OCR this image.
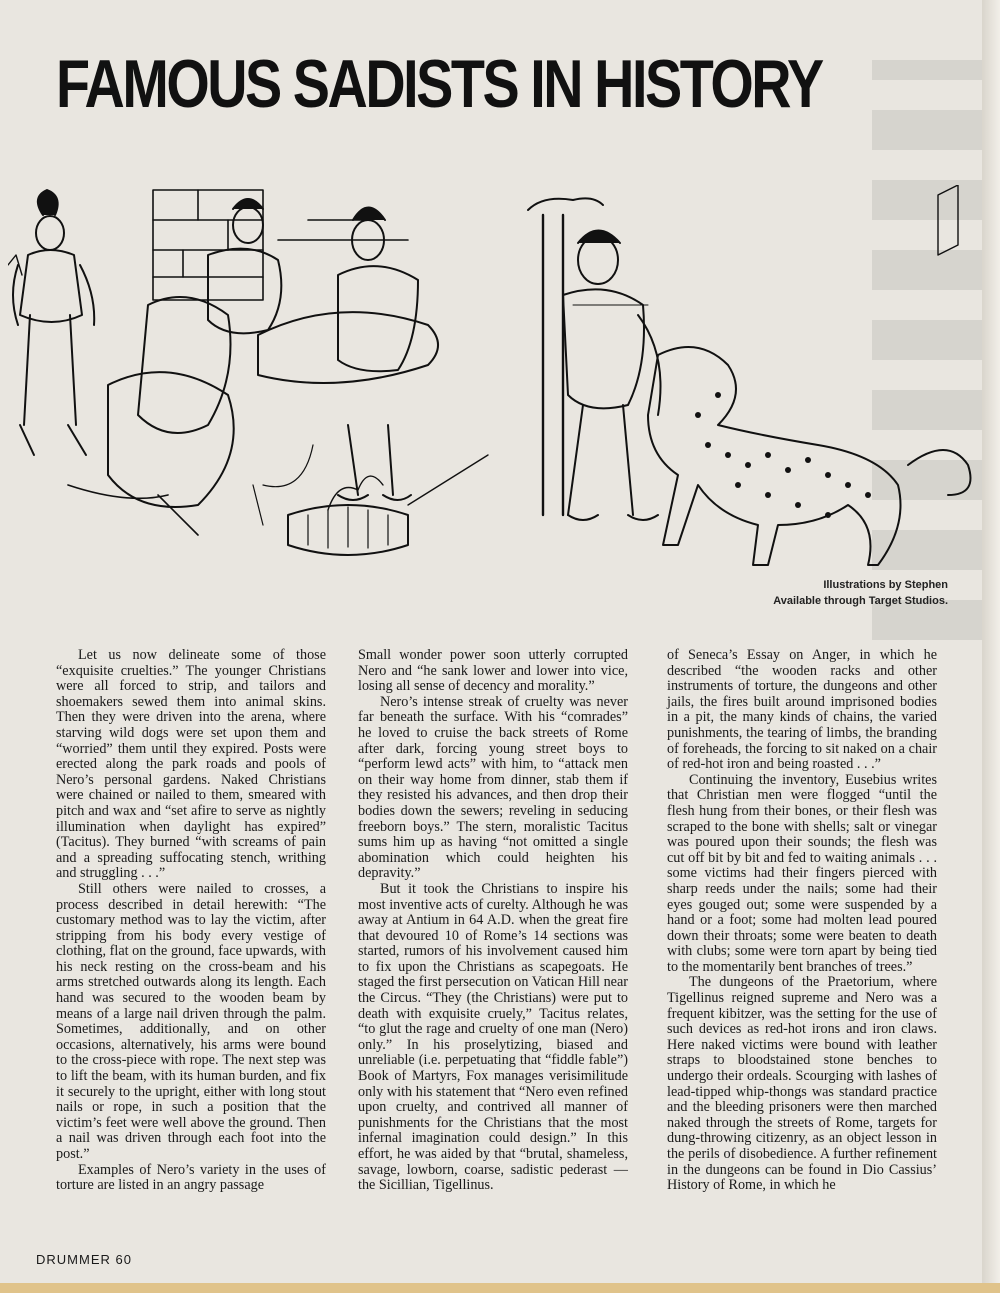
FAMOUS SADISTS IN HISTORY
Illustrations by Stephen
Available through Target Studios.

Let us now delineate some of those “exquisite cruelties.” The younger Christians were all forced to strip, and tailors and shoemakers sewed them into animal skins. Then they were driven into the arena, where starving wild dogs were set upon them and “worried” them until they expired. Posts were erected along the park roads and pools of Nero’s personal gardens. Naked Christians were chained or nailed to them, smeared with pitch and wax and “set afire to serve as nightly illumination when daylight has expired” (Tacitus). They burned “with screams of pain and a spreading suffocating stench, writhing and struggling . . .”

Still others were nailed to crosses, a process described in detail herewith: “The customary method was to lay the victim, after stripping from his body every vestige of clothing, flat on the ground, face upwards, with his neck resting on the cross-beam and his arms stretched outwards along its length. Each hand was secured to the wooden beam by means of a large nail driven through the palm. Sometimes, additionally, and on other occasions, alternatively, his arms were bound to the cross-piece with rope. The next step was to lift the beam, with its human burden, and fix it securely to the upright, either with long stout nails or rope, in such a position that the victim’s feet were well above the ground. Then a nail was driven through each foot into the post.”

Examples of Nero’s variety in the uses of torture are listed in an angry passage

Small wonder power soon utterly corrupted Nero and “he sank lower and lower into vice, losing all sense of decency and morality.”

Nero’s intense streak of cruelty was never far beneath the surface. With his “comrades” he loved to cruise the back streets of Rome after dark, forcing young street boys to “perform lewd acts” with him, to “attack men on their way home from dinner, stab them if they resisted his advances, and then drop their bodies down the sewers; reveling in seducing freeborn boys.” The stern, moralistic Tacitus sums him up as having “not omitted a single abomination which could heighten his depravity.”

But it took the Christians to inspire his most inventive acts of curelty. Although he was away at Antium in 64 A.D. when the great fire that devoured 10 of Rome’s 14 sections was started, rumors of his involvement caused him to fix upon the Christians as scapegoats. He staged the first persecution on Vatican Hill near the Circus. “They (the Christians) were put to death with exquisite cruely,” Tacitus relates, “to glut the rage and cruelty of one man (Nero) only.” In his proselytizing, biased and unreliable (i.e. perpetuating that “fiddle fable”) Book of Martyrs, Fox manages verisimilitude only with his statement that “Nero even refined upon cruelty, and contrived all manner of punishments for the Christians that the most infernal imagination could design.” In this effort, he was aided by that “brutal, shameless, savage, lowborn, coarse, sadistic pederast — the Sicillian, Tigellinus.

of Seneca’s Essay on Anger, in which he described “the wooden racks and other instruments of torture, the dungeons and other jails, the fires built around imprisoned bodies in a pit, the many kinds of chains, the varied punishments, the tearing of limbs, the branding of foreheads, the forcing to sit naked on a chair of red-hot iron and being roasted . . .”

Continuing the inventory, Eusebius writes that Christian men were flogged “until the flesh hung from their bones, or their flesh was scraped to the bone with shells; salt or vinegar was poured upon their sounds; the flesh was cut off bit by bit and fed to waiting animals . . . some victims had their fingers pierced with sharp reeds under the nails; some had their eyes gouged out; some were suspended by a hand or a foot; some had molten lead poured down their throats; some were beaten to death with clubs; some were torn apart by being tied to the momentarily bent branches of trees.”

The dungeons of the Praetorium, where Tigellinus reigned supreme and Nero was a frequent kibitzer, was the setting for the use of such devices as red-hot irons and iron claws. Here naked victims were bound with leather straps to bloodstained stone benches to undergo their ordeals. Scourging with lashes of lead-tipped whip-thongs was standard practice and the bleeding prisoners were then marched naked through the streets of Rome, targets for dung-throwing citizenry, as an object lesson in the perils of disobedience. A further refinement in the dungeons can be found in Dio Cassius’ History of Rome, in which he

DRUMMER 60
